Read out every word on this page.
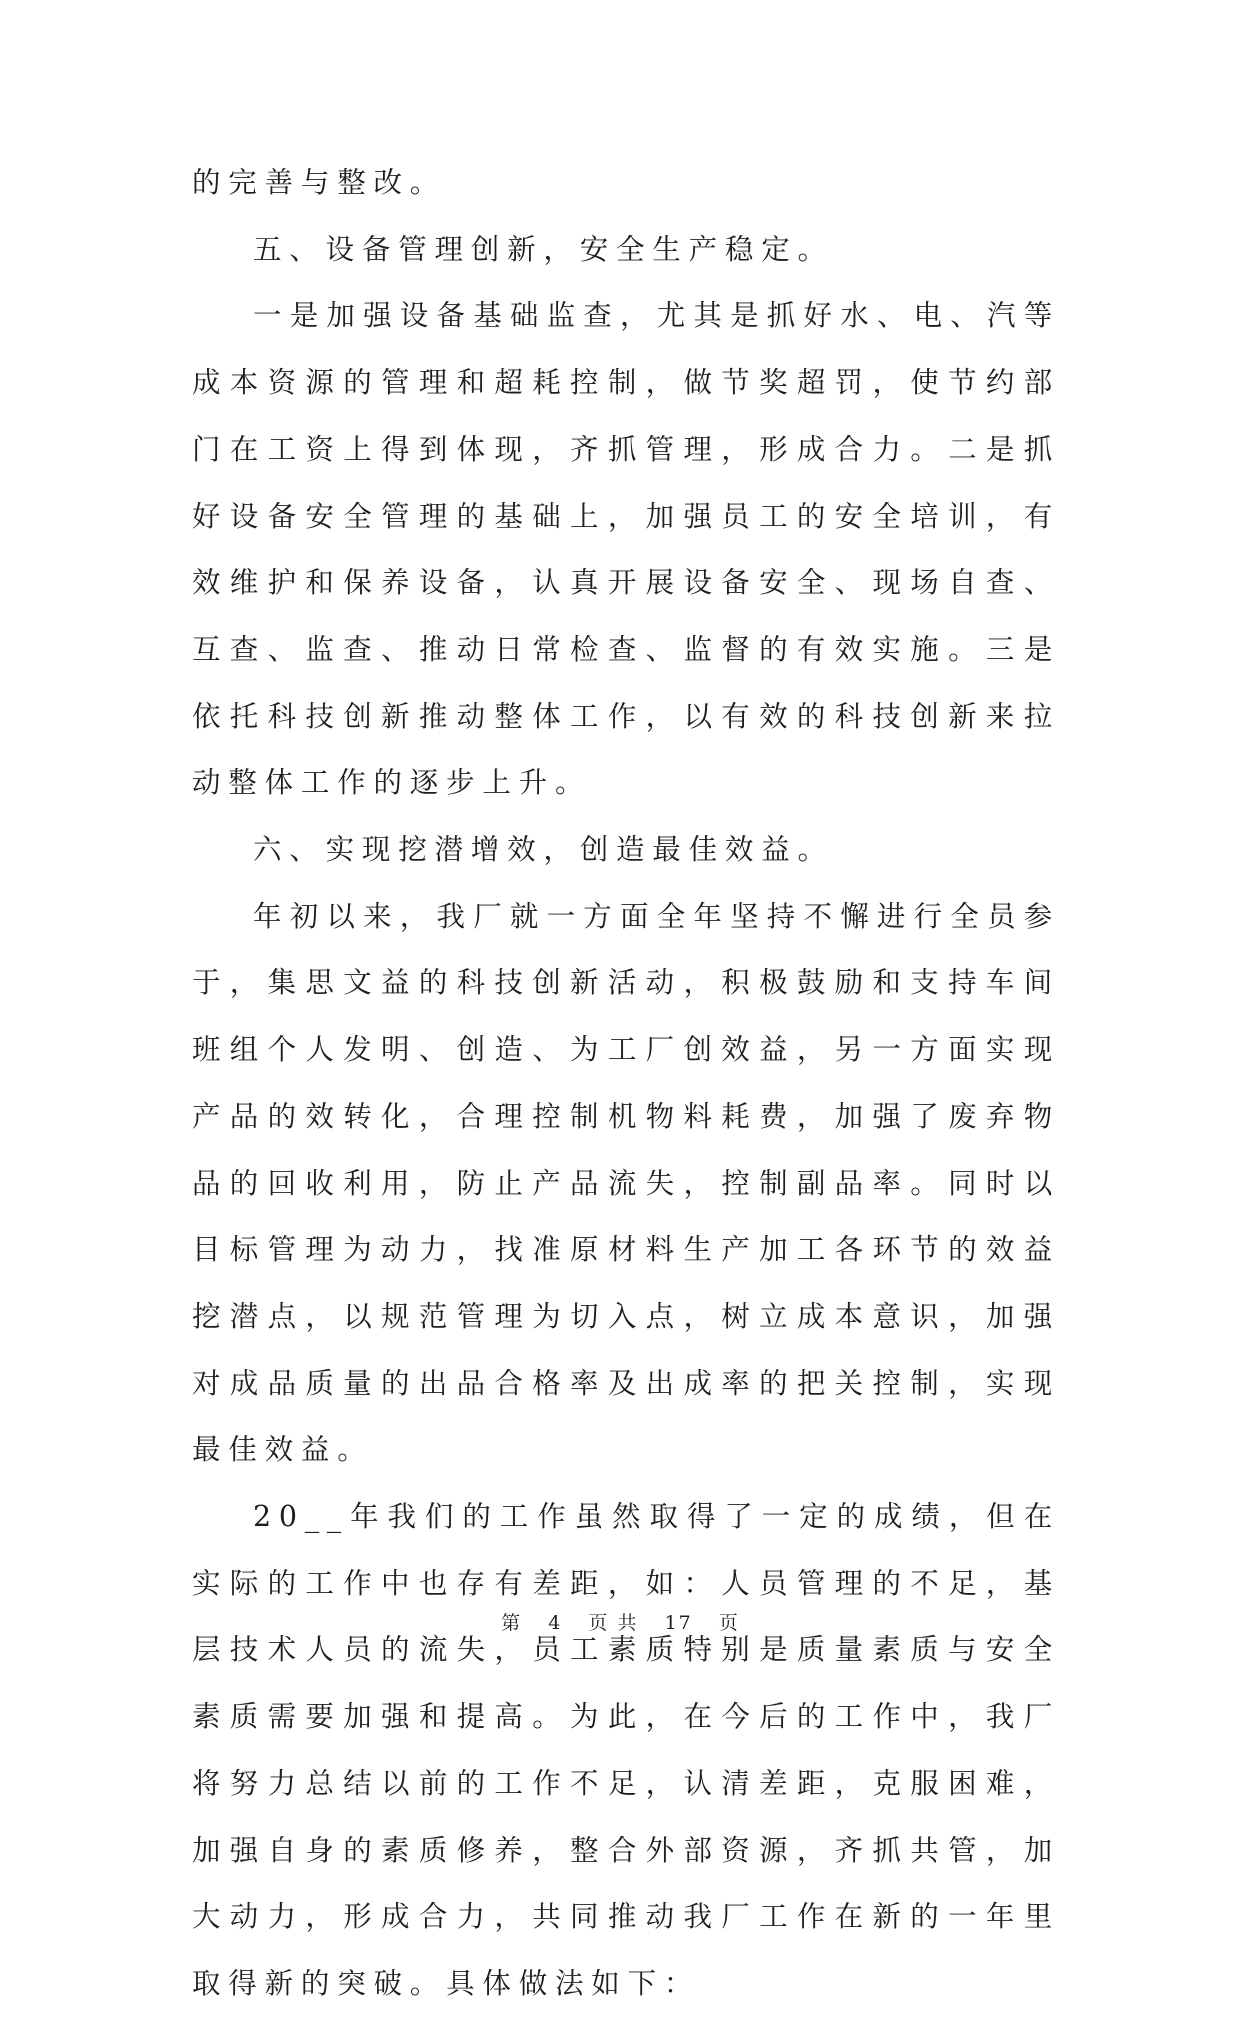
的完善与整改。

五、设备管理创新，安全生产稳定。

一是加强设备基础监查，尤其是抓好水、电、汽等成本资源的管理和超耗控制，做节奖超罚，使节约部门在工资上得到体现，齐抓管理，形成合力。二是抓好设备安全管理的基础上，加强员工的安全培训，有效维护和保养设备，认真开展设备安全、现场自查、互查、监查、推动日常检查、监督的有效实施。三是依托科技创新推动整体工作，以有效的科技创新来拉动整体工作的逐步上升。

六、实现挖潜增效，创造最佳效益。

年初以来，我厂就一方面全年坚持不懈进行全员参于，集思文益的科技创新活动，积极鼓励和支持车间班组个人发明、创造、为工厂创效益，另一方面实现产品的效转化，合理控制机物料耗费，加强了废弃物品的回收利用，防止产品流失，控制副品率。同时以目标管理为动力，找准原材料生产加工各环节的效益挖潜点，以规范管理为切入点，树立成本意识，加强对成品质量的出品合格率及出成率的把关控制，实现最佳效益。

20__年我们的工作虽然取得了一定的成绩，但在实际的工作中也存有差距，如：人员管理的不足，基层技术人员的流失，员工素质特别是质量素质与安全素质需要加强和提高。为此，在今后的工作中，我厂将努力总结以前的工作不足，认清差距，克服困难，加强自身的素质修养，整合外部资源，齐抓共管，加大动力，形成合力，共同推动我厂工作在新的一年里取得新的突破。具体做法如下：

第 4 页 共 17 页
